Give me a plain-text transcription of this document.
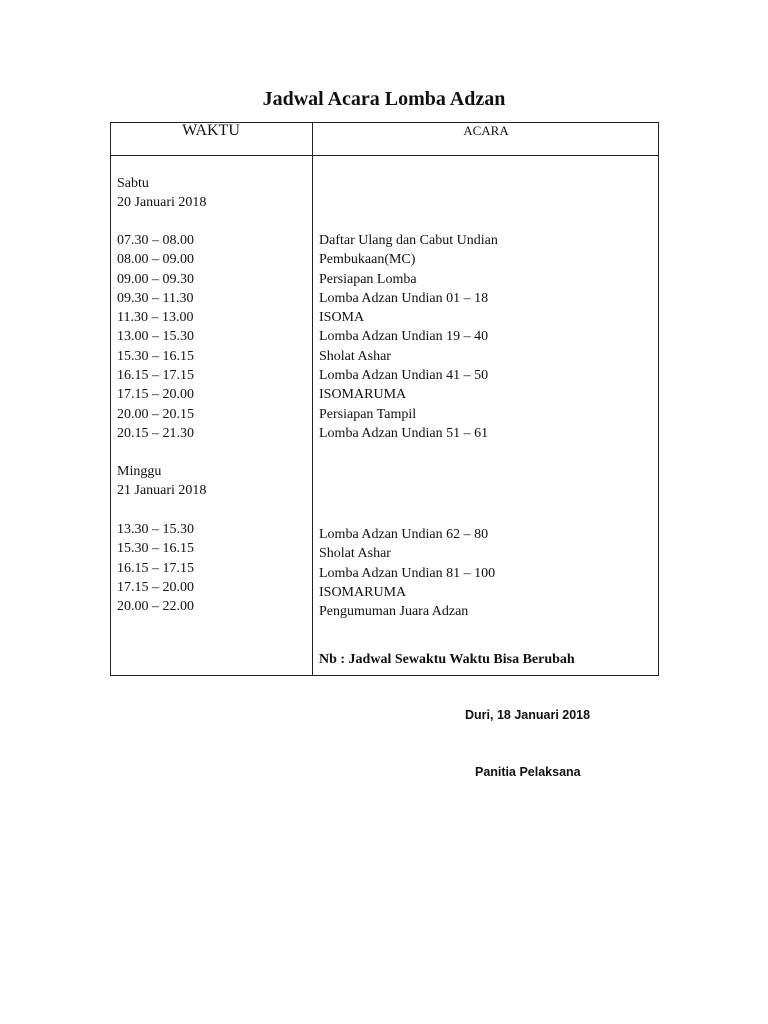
Jadwal Acara Lomba Adzan
WAKTU	ACARA
Sabtu
20 Januari 2018
07.30 – 08.00
08.00 – 09.00
09.00 – 09.30
09.30 – 11.30
11.30 – 13.00
13.00 – 15.30
15.30 – 16.15
16.15 – 17.15
17.15 – 20.00
20.00 – 20.15
20.15 – 21.30
Daftar Ulang dan Cabut Undian
Pembukaan(MC)
Persiapan Lomba
Lomba Adzan Undian 01 – 18
ISOMA
Lomba Adzan Undian 19 – 40
Sholat Ashar
Lomba Adzan Undian 41 – 50
ISOMARUMA
Persiapan Tampil
Lomba Adzan Undian 51 – 61
Minggu
21 Januari 2018
13.30 – 15.30
15.30 – 16.15
16.15 – 17.15
17.15 – 20.00
20.00 – 22.00
Lomba Adzan Undian 62 – 80
Sholat Ashar
Lomba Adzan Undian 81 – 100
ISOMARUMA
Pengumuman Juara Adzan
Nb : Jadwal Sewaktu Waktu Bisa Berubah
Duri, 18 Januari 2018
Panitia Pelaksana
